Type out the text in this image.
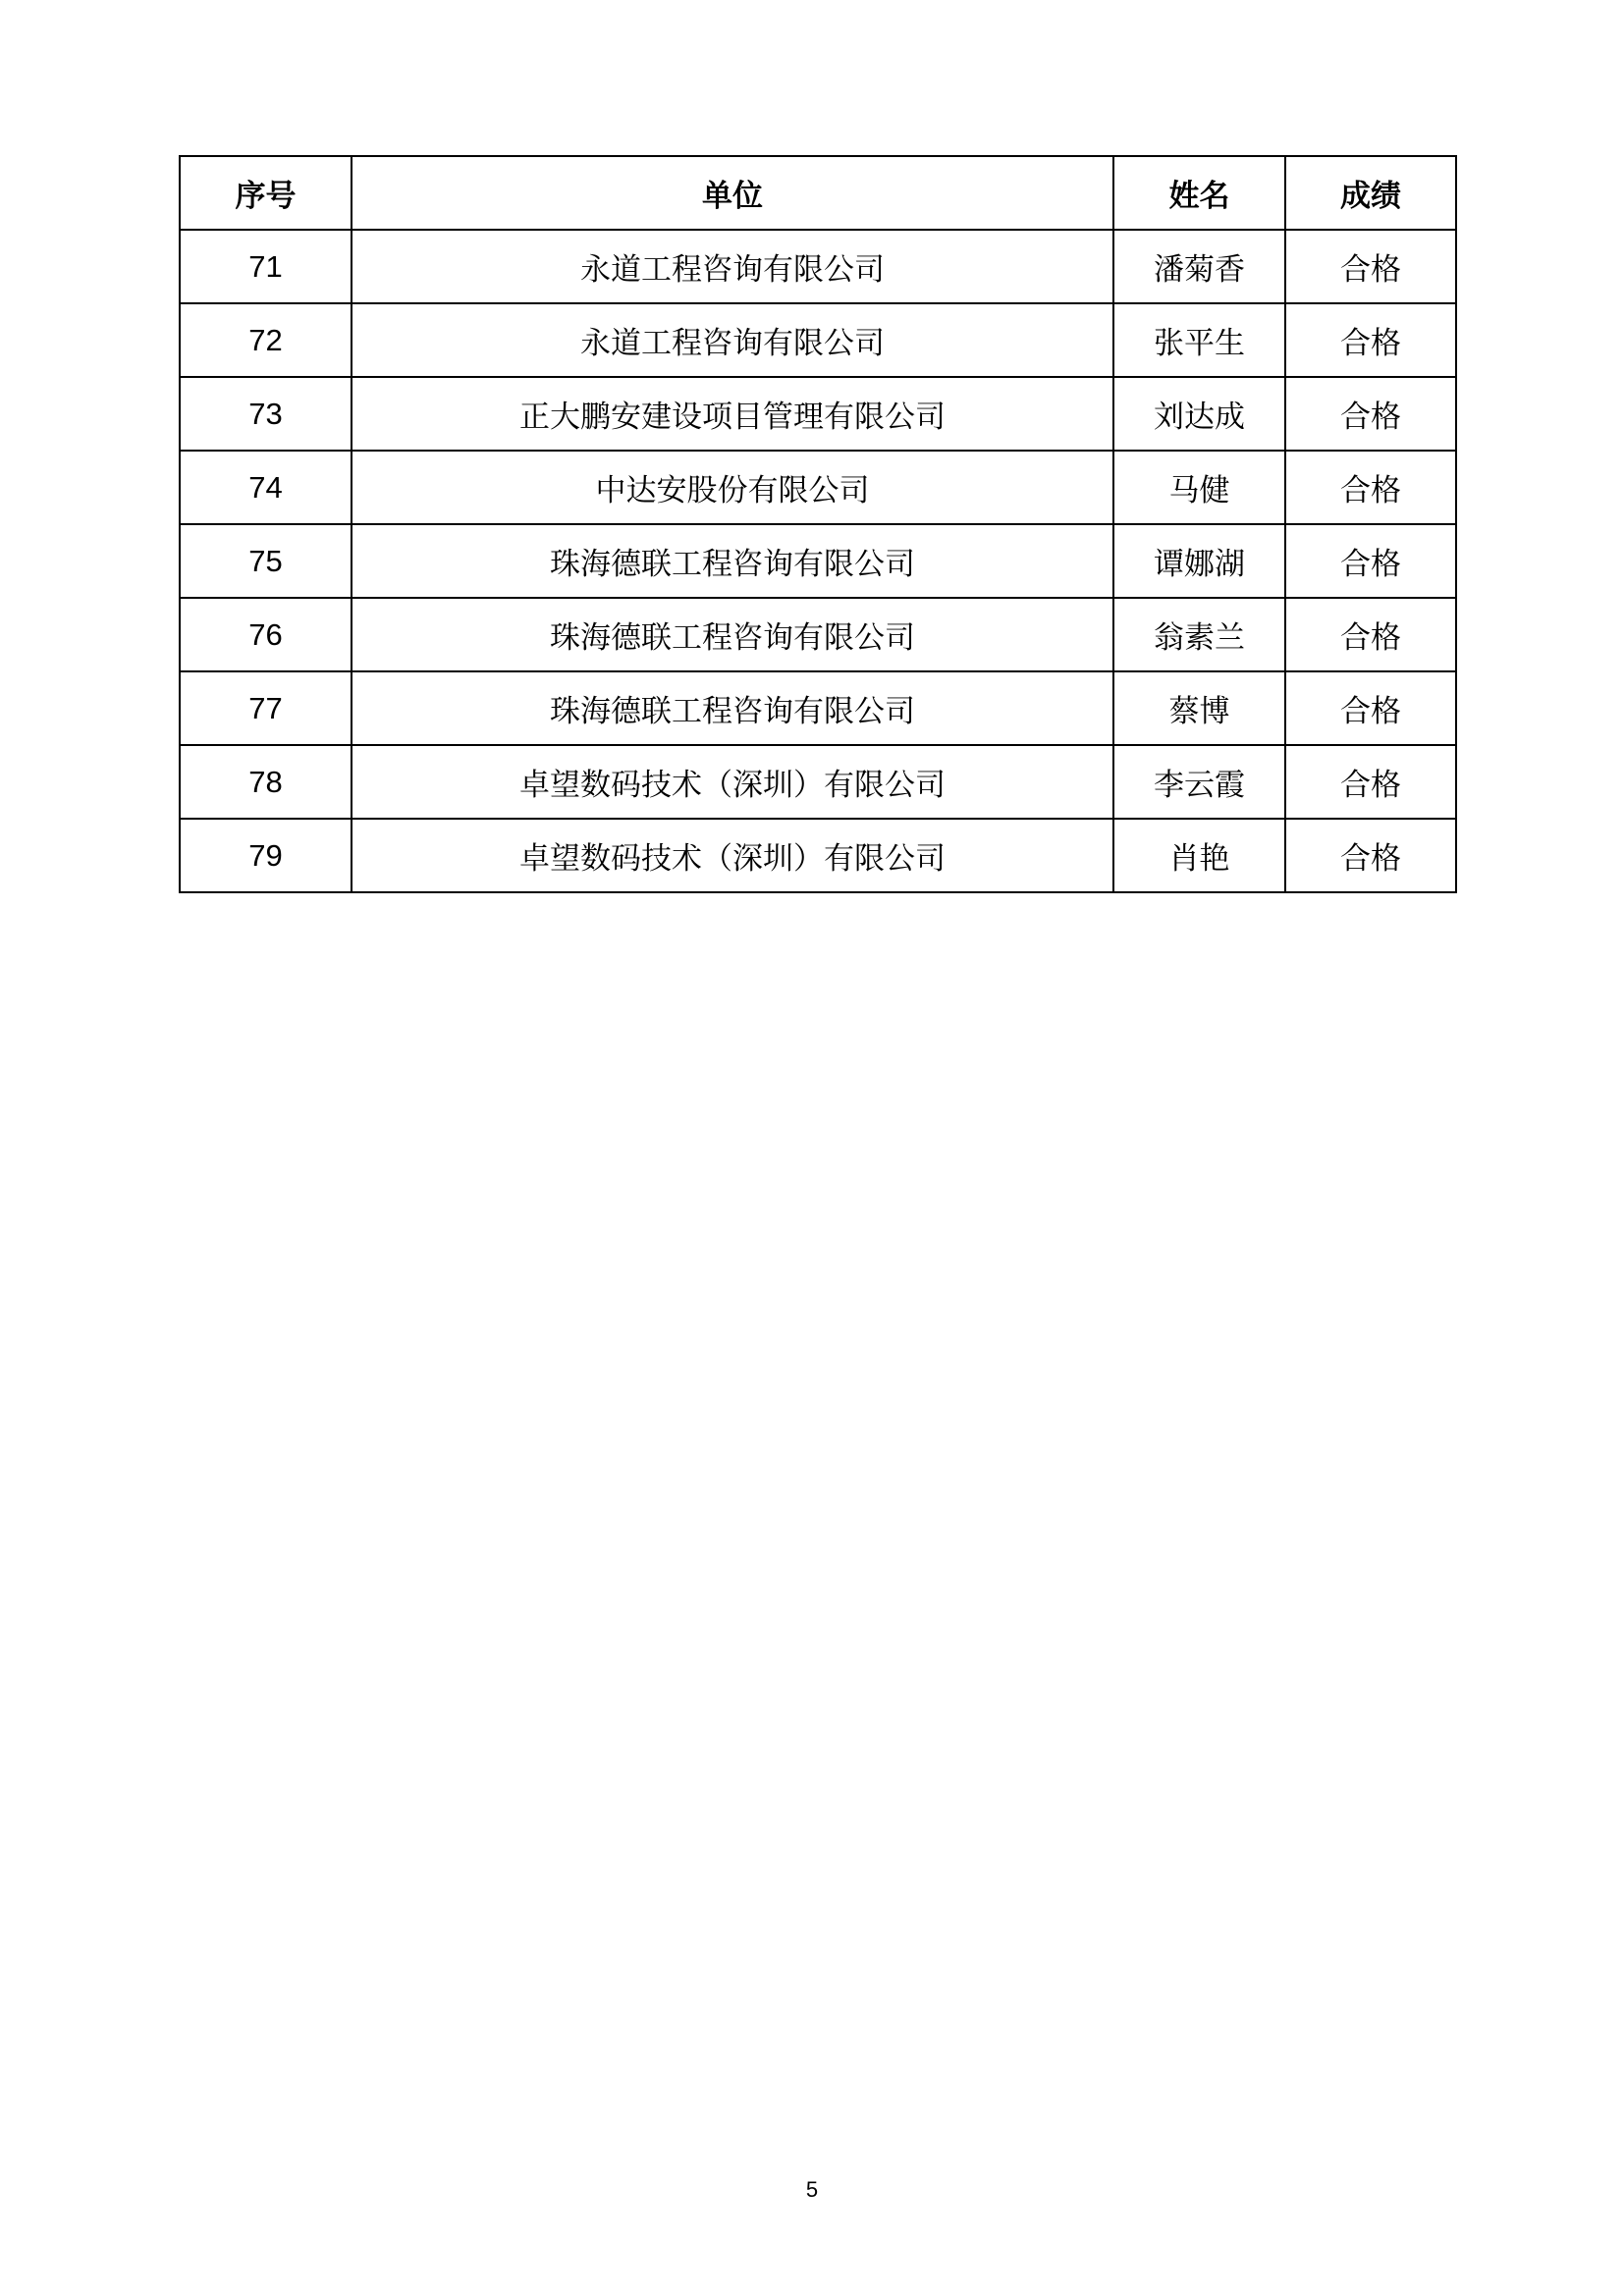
序号	单位	姓名	成绩
71	永道工程咨询有限公司	潘菊香	合格
72	永道工程咨询有限公司	张平生	合格
73	正大鹏安建设项目管理有限公司	刘达成	合格
74	中达安股份有限公司	马健	合格
75	珠海德联工程咨询有限公司	谭娜湖	合格
76	珠海德联工程咨询有限公司	翁素兰	合格
77	珠海德联工程咨询有限公司	蔡博	合格
78	卓望数码技术（深圳）有限公司	李云霞	合格
79	卓望数码技术（深圳）有限公司	肖艳	合格
5
